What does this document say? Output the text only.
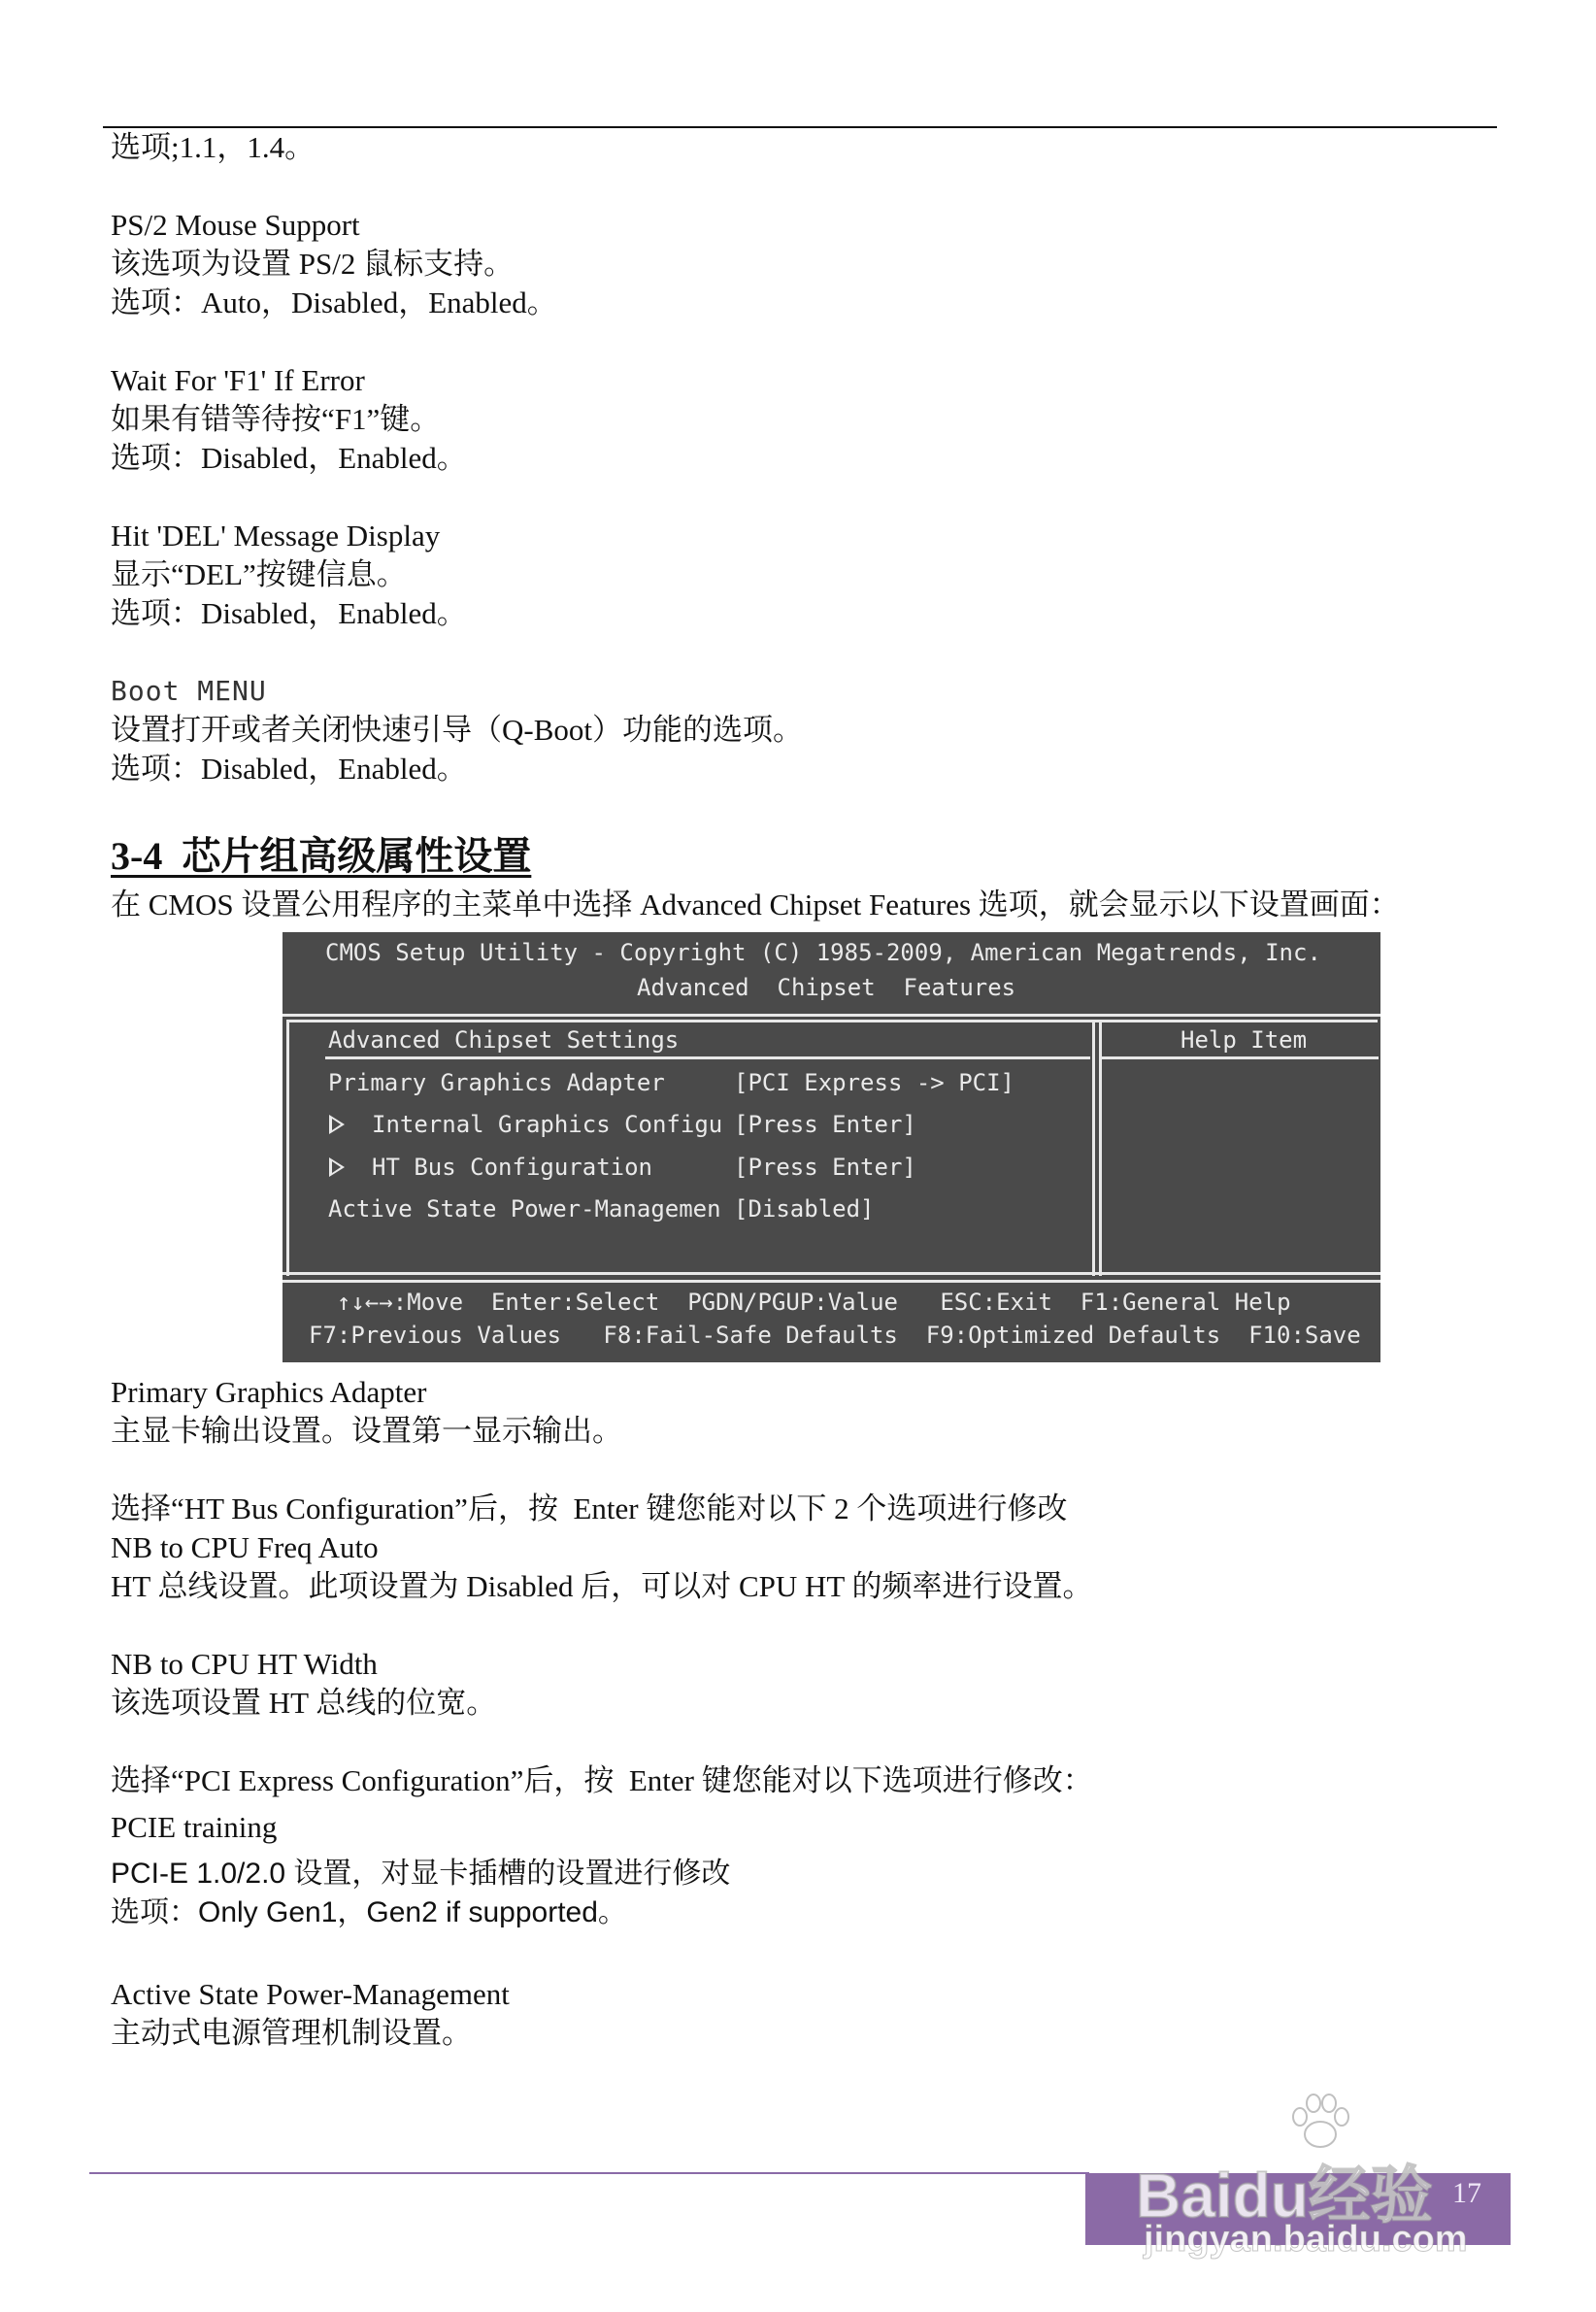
选项;1.1，1.4。
PS/2 Mouse Support
该选项为设置 PS/2 鼠标支持。
选项：Auto，Disabled，Enabled。
Wait For 'F1' If Error
如果有错等待按“F1”键。
选项：Disabled，Enabled。
Hit 'DEL' Message Display
显示“DEL”按键信息。
选项：Disabled，Enabled。
Boot MENU
设置打开或者关闭快速引导（Q-Boot）功能的选项。
选项：Disabled，Enabled。
3-4  芯片组高级属性设置
在 CMOS 设置公用程序的主菜单中选择 Advanced Chipset Features 选项，就会显示以下设置画面：
CMOS Setup Utility - Copyright (C) 1985-2009, American Megatrends, Inc.
Advanced  Chipset  Features
Advanced Chipset Settings	Help Item
Primary Graphics Adapter	[PCI Express -> PCI]
Internal Graphics Configu [Press Enter]
HT Bus Configuration	[Press Enter]
Active State Power-Managemen [Disabled]
↑↓←→:Move  Enter:Select  PGDN/PGUP:Value   ESC:Exit  F1:General Help
F7:Previous Values   F8:Fail-Safe Defaults  F9:Optimized Defaults  F10:Save
Primary Graphics Adapter
主显卡输出设置。设置第一显示输出。
选择“HT Bus Configuration”后，按  Enter 键您能对以下 2 个选项进行修改
NB to CPU Freq Auto
HT 总线设置。此项设置为 Disabled 后，可以对 CPU HT 的频率进行设置。
NB to CPU HT Width
该选项设置 HT 总线的位宽。
选择“PCI Express Configuration”后，按  Enter 键您能对以下选项进行修改：
PCIE training
PCI-E 1.0/2.0 设置，对显卡插槽的设置进行修改
选项：Only Gen1，Gen2 if supported。
Active State Power-Management
主动式电源管理机制设置。
17
Baidu经验
jingyan.baidu.com
